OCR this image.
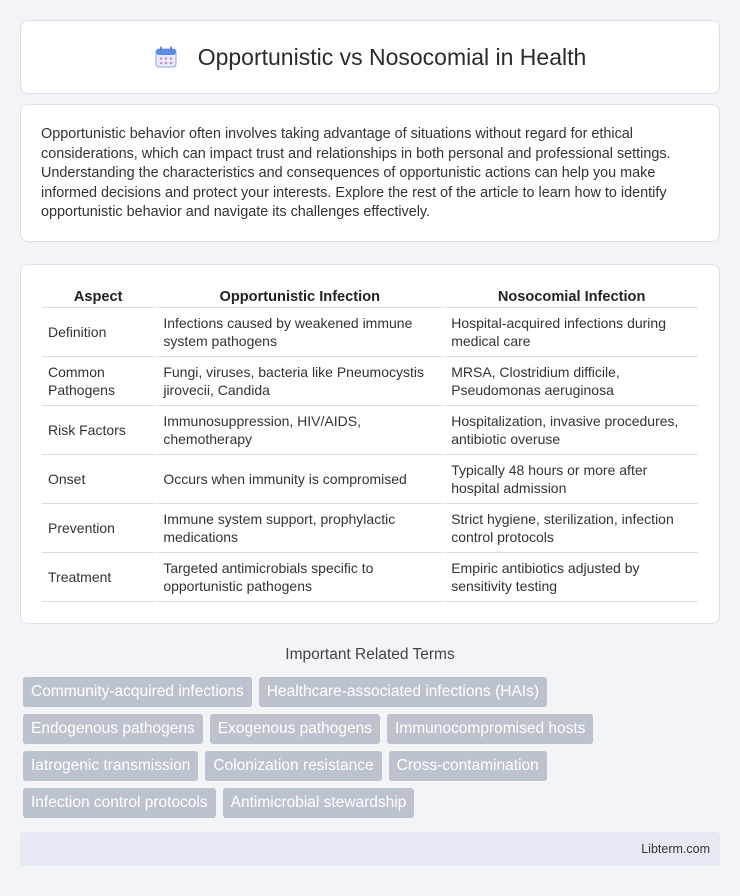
Opportunistic vs Nosocomial in Health

Opportunistic behavior often involves taking advantage of situations without regard for ethical considerations, which can impact trust and relationships in both personal and professional settings. Understanding the characteristics and consequences of opportunistic actions can help you make informed decisions and protect your interests. Explore the rest of the article to learn how to identify opportunistic behavior and navigate its challenges effectively.

Aspect	Opportunistic Infection	Nosocomial Infection
Definition	Infections caused by weakened immune system pathogens	Hospital-acquired infections during medical care
Common Pathogens	Fungi, viruses, bacteria like Pneumocystis jirovecii, Candida	MRSA, Clostridium difficile, Pseudomonas aeruginosa
Risk Factors	Immunosuppression, HIV/AIDS, chemotherapy	Hospitalization, invasive procedures, antibiotic overuse
Onset	Occurs when immunity is compromised	Typically 48 hours or more after hospital admission
Prevention	Immune system support, prophylactic medications	Strict hygiene, sterilization, infection control protocols
Treatment	Targeted antimicrobials specific to opportunistic pathogens	Empiric antibiotics adjusted by sensitivity testing
Important Related Terms
Community-acquired infections	Healthcare-associated infections (HAIs)
Endogenous pathogens	Exogenous pathogens	Immunocompromised hosts
Iatrogenic transmission	Colonization resistance	Cross-contamination
Infection control protocols	Antimicrobial stewardship
Libterm.com
